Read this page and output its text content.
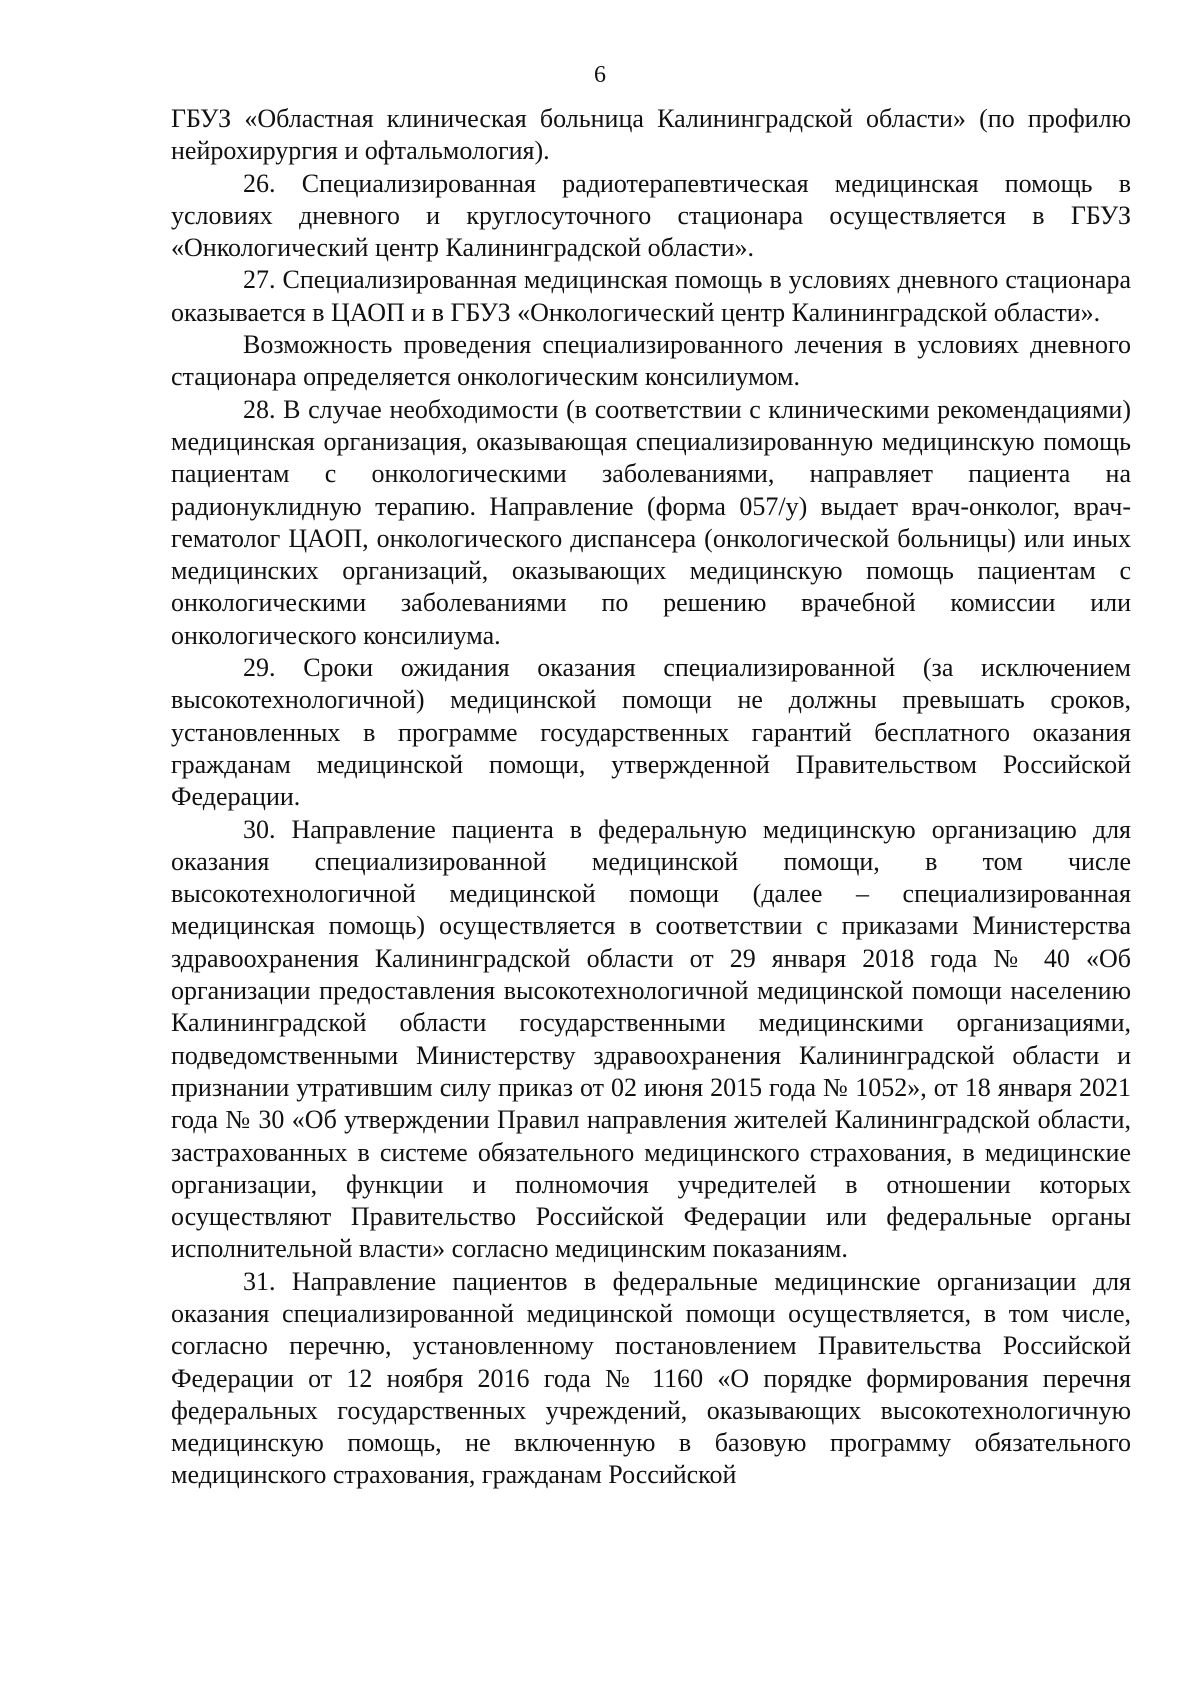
6

ГБУЗ «Областная клиническая больница Калининградской области» (по профилю нейрохирургия и офтальмология).

26. Специализированная радиотерапевтическая медицинская помощь в условиях дневного и круглосуточного стационара осуществляется в ГБУЗ «Онкологический центр Калининградской области».

27. Специализированная медицинская помощь в условиях дневного стационара оказывается в ЦАОП и в ГБУЗ «Онкологический центр Калининградской области».

Возможность проведения специализированного лечения в условиях дневного стационара определяется онкологическим консилиумом.

28. В случае необходимости (в соответствии с клиническими рекомендациями) медицинская организация, оказывающая специализированную медицинскую помощь пациентам с онкологическими заболеваниями, направляет пациента на радионуклидную терапию. Направление (форма 057/у) выдает врач-онколог, врач-гематолог ЦАОП, онкологического диспансера (онкологической больницы) или иных медицинских организаций, оказывающих медицинскую помощь пациентам с онкологическими заболеваниями по решению врачебной комиссии или онкологического консилиума.

29. Сроки ожидания оказания специализированной (за исключением высокотехнологичной) медицинской помощи не должны превышать сроков, установленных в программе государственных гарантий бесплатного оказания гражданам медицинской помощи, утвержденной Правительством Российской Федерации.

30. Направление пациента в федеральную медицинскую организацию для оказания специализированной медицинской помощи, в том числе высокотехнологичной медицинской помощи (далее – специализированная медицинская помощь) осуществляется в соответствии с приказами Министерства здравоохранения Калининградской области от 29 января 2018 года № 40 «Об организации предоставления высокотехнологичной медицинской помощи населению Калининградской области государственными медицинскими организациями, подведомственными Министерству здравоохранения Калининградской области и признании утратившим силу приказ от 02 июня 2015 года № 1052», от 18 января 2021 года № 30 «Об утверждении Правил направления жителей Калининградской области, застрахованных в системе обязательного медицинского страхования, в медицинские организации, функции и полномочия учредителей в отношении которых осуществляют Правительство Российской Федерации или федеральные органы исполнительной власти» согласно медицинским показаниям.

31. Направление пациентов в федеральные медицинские организации для оказания специализированной медицинской помощи осуществляется, в том числе, согласно перечню, установленному постановлением Правительства Российской Федерации от 12 ноября 2016 года № 1160 «О порядке формирования перечня федеральных государственных учреждений, оказывающих высокотехнологичную медицинскую помощь, не включенную в базовую программу обязательного медицинского страхования, гражданам Российской
